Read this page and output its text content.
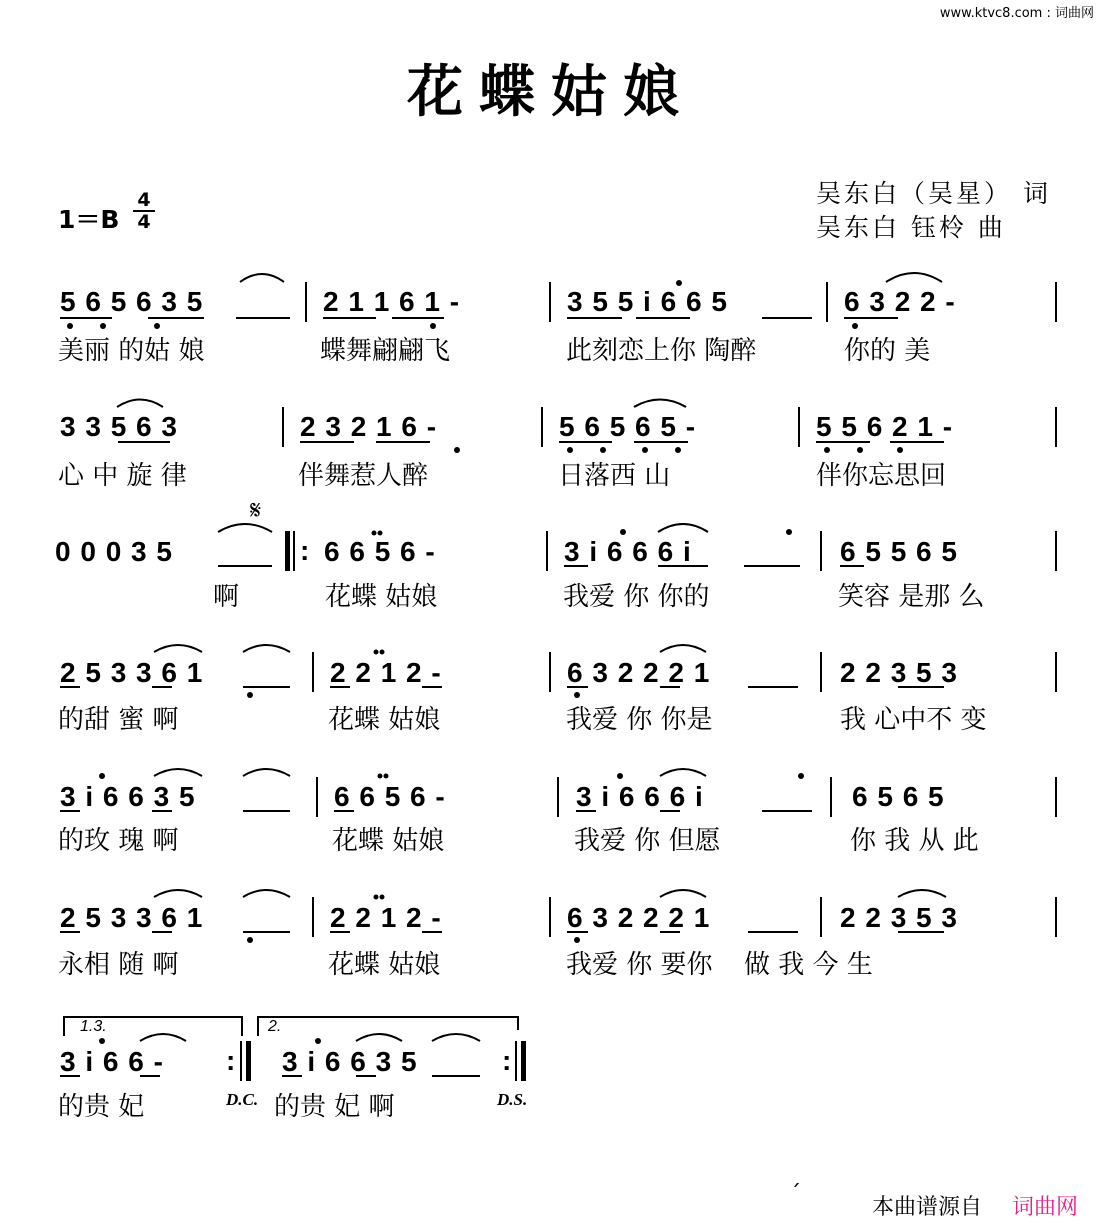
www.ktvc8.com : 词曲网
花蝶姑娘
$1=B \frac{4}{4}$	吴东白（吴星） 词
吴东白 钰柃 曲
5 6 5 6 3 5	2 1 1 6 1 -	3 5 5 i 6 6 5	6 3 2 2 -
美丽 的姑 娘	蝶舞翩翩飞	此刻恋上你 陶醉	你的 美
3 3 5 6 3	2 3 2 1 6 -	5 6 5 6 5 -	5 5 6 2 1 -
心 中 旋 律	伴舞惹人醉	日落西 山	伴你忘思回
𝄋
0 0 0 3 5	: 6 6 5 6 -	3 i 6 6 6 i	6 5 5 6 5
啊	花蝶 姑娘	我爱 你 你的	笑容 是那 么
2 5 3 3 6 1	2 2 1 2 -	6 3 2 2 2 1	2 2 3 5 3
的甜 蜜 啊	花蝶 姑娘	我爱 你 你是	我 心中不 变
3 i 6 6 3 5	6 6 5 6 -	3 i 6 6 6 i	6 5 6 5
的玫 瑰 啊	花蝶 姑娘	我爱 你 但愿	你 我 从 此
2 5 3 3 6 1	2 2 1 2 -	6 3 2 2 2 1	2 2 3 5 3
永相 随 啊	花蝶 姑娘	我爱 你 要你 做 我 今 生
1.3.	2.
3 i 6 6 - : 3 i 6 6 3 5	:
的贵 妃	D.C. 的贵 妃 啊	D.S.
ˊ
本曲谱源自 词曲网
